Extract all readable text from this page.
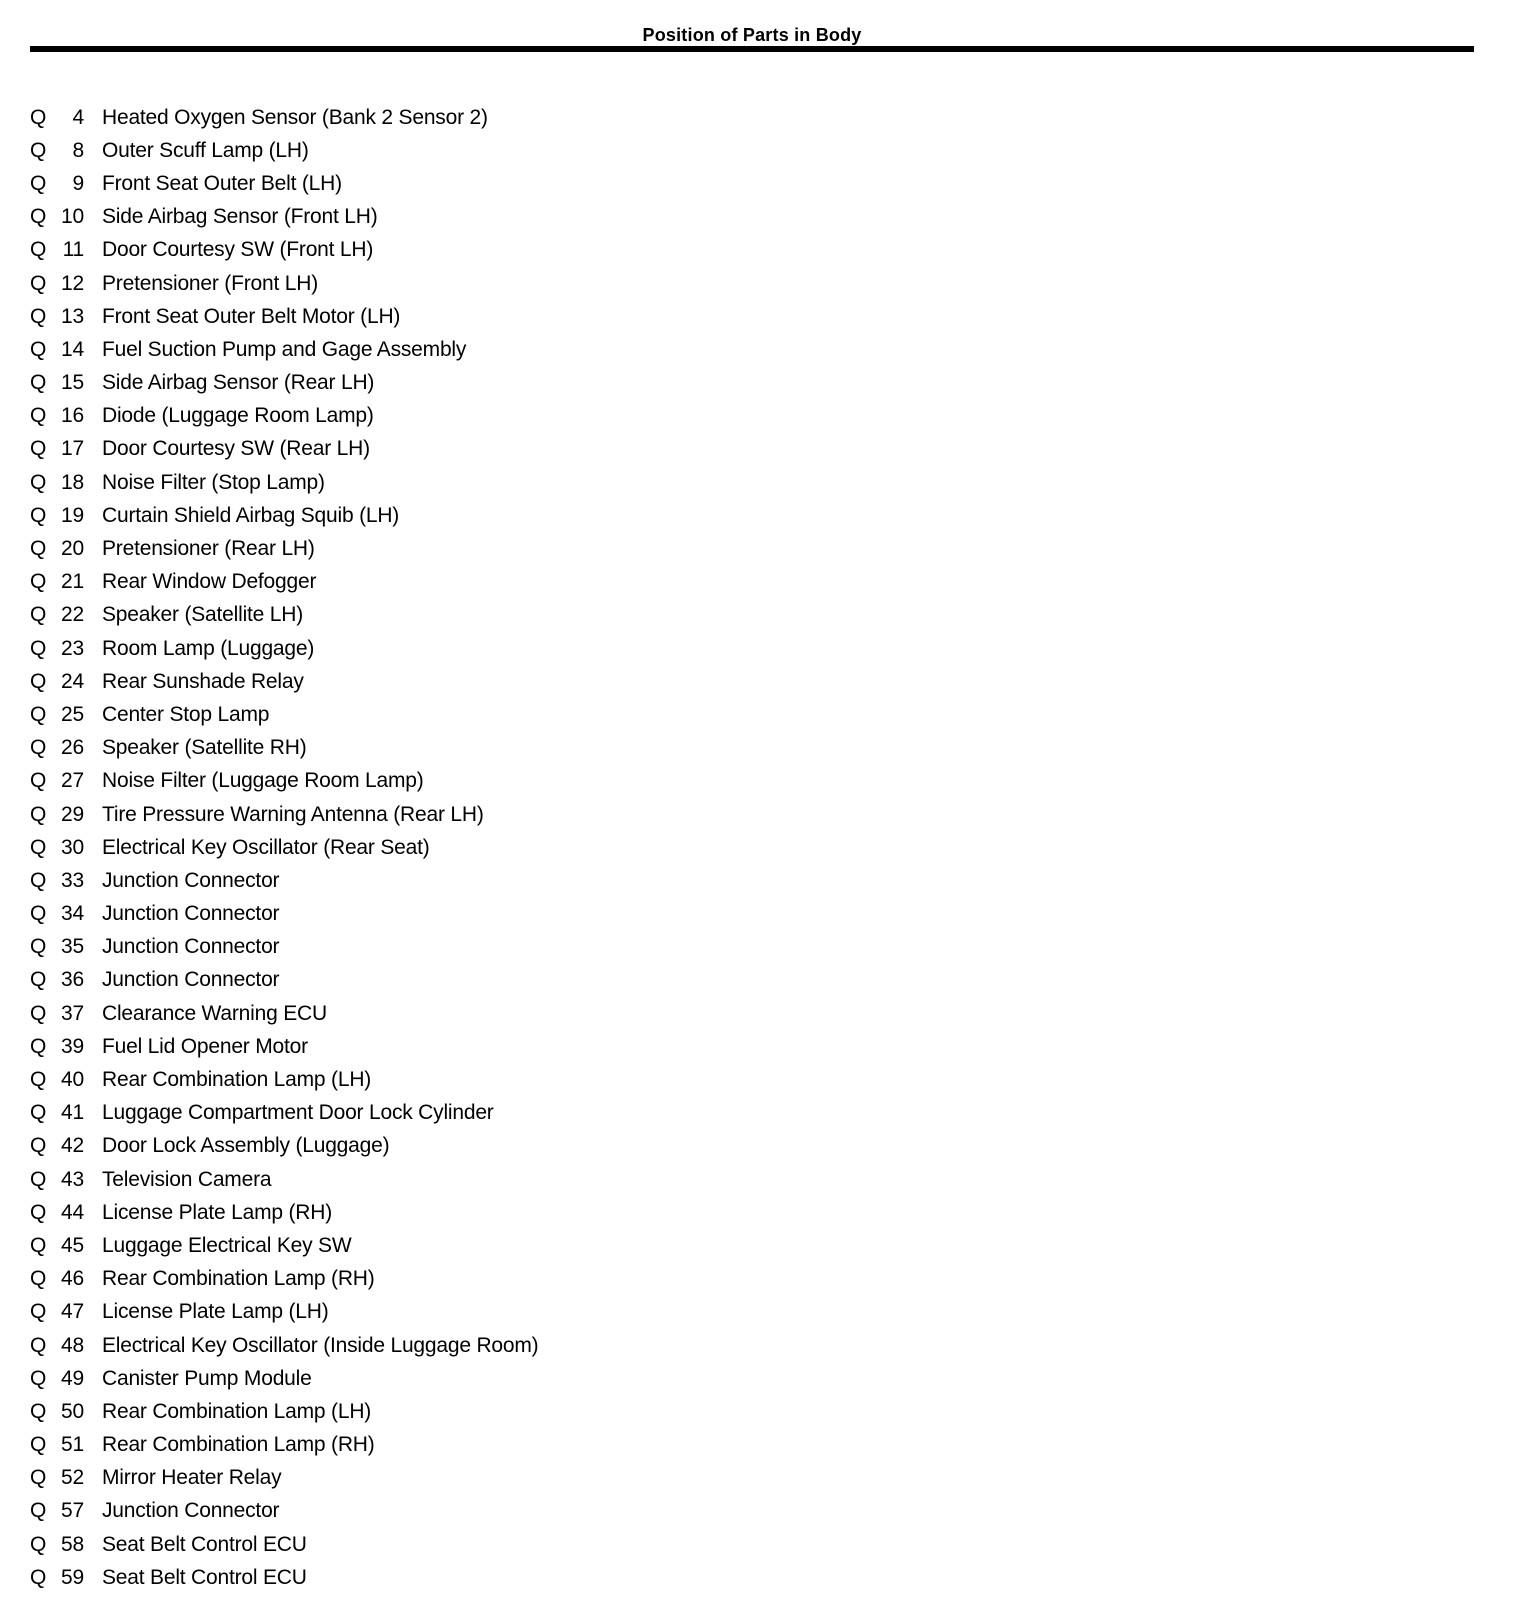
Position of Parts in Body
Q	4 Heated Oxygen Sensor (Bank 2 Sensor 2)
Q	8 Outer Scuff Lamp (LH)
Q	9 Front Seat Outer Belt (LH)
Q 10 Side Airbag Sensor (Front LH)
Q 11 Door Courtesy SW (Front LH)
Q 12 Pretensioner (Front LH)
Q 13 Front Seat Outer Belt Motor (LH)
Q 14 Fuel Suction Pump and Gage Assembly
Q 15 Side Airbag Sensor (Rear LH)
Q 16 Diode (Luggage Room Lamp)
Q 17 Door Courtesy SW (Rear LH)
Q 18 Noise Filter (Stop Lamp)
Q 19 Curtain Shield Airbag Squib (LH)
Q 20 Pretensioner (Rear LH)
Q 21 Rear Window Defogger
Q 22 Speaker (Satellite LH)
Q 23 Room Lamp (Luggage)
Q 24 Rear Sunshade Relay
Q 25 Center Stop Lamp
Q 26 Speaker (Satellite RH)
Q 27 Noise Filter (Luggage Room Lamp)
Q 29 Tire Pressure Warning Antenna (Rear LH)
Q 30 Electrical Key Oscillator (Rear Seat)
Q 33 Junction Connector
Q 34 Junction Connector
Q 35 Junction Connector
Q 36 Junction Connector
Q 37 Clearance Warning ECU
Q 39 Fuel Lid Opener Motor
Q 40 Rear Combination Lamp (LH)
Q 41 Luggage Compartment Door Lock Cylinder
Q 42 Door Lock Assembly (Luggage)
Q 43 Television Camera
Q 44 License Plate Lamp (RH)
Q 45 Luggage Electrical Key SW
Q 46 Rear Combination Lamp (RH)
Q 47 License Plate Lamp (LH)
Q 48 Electrical Key Oscillator (Inside Luggage Room)
Q 49 Canister Pump Module
Q 50 Rear Combination Lamp (LH)
Q 51 Rear Combination Lamp (RH)
Q 52 Mirror Heater Relay
Q 57 Junction Connector
Q 58 Seat Belt Control ECU
Q 59 Seat Belt Control ECU
